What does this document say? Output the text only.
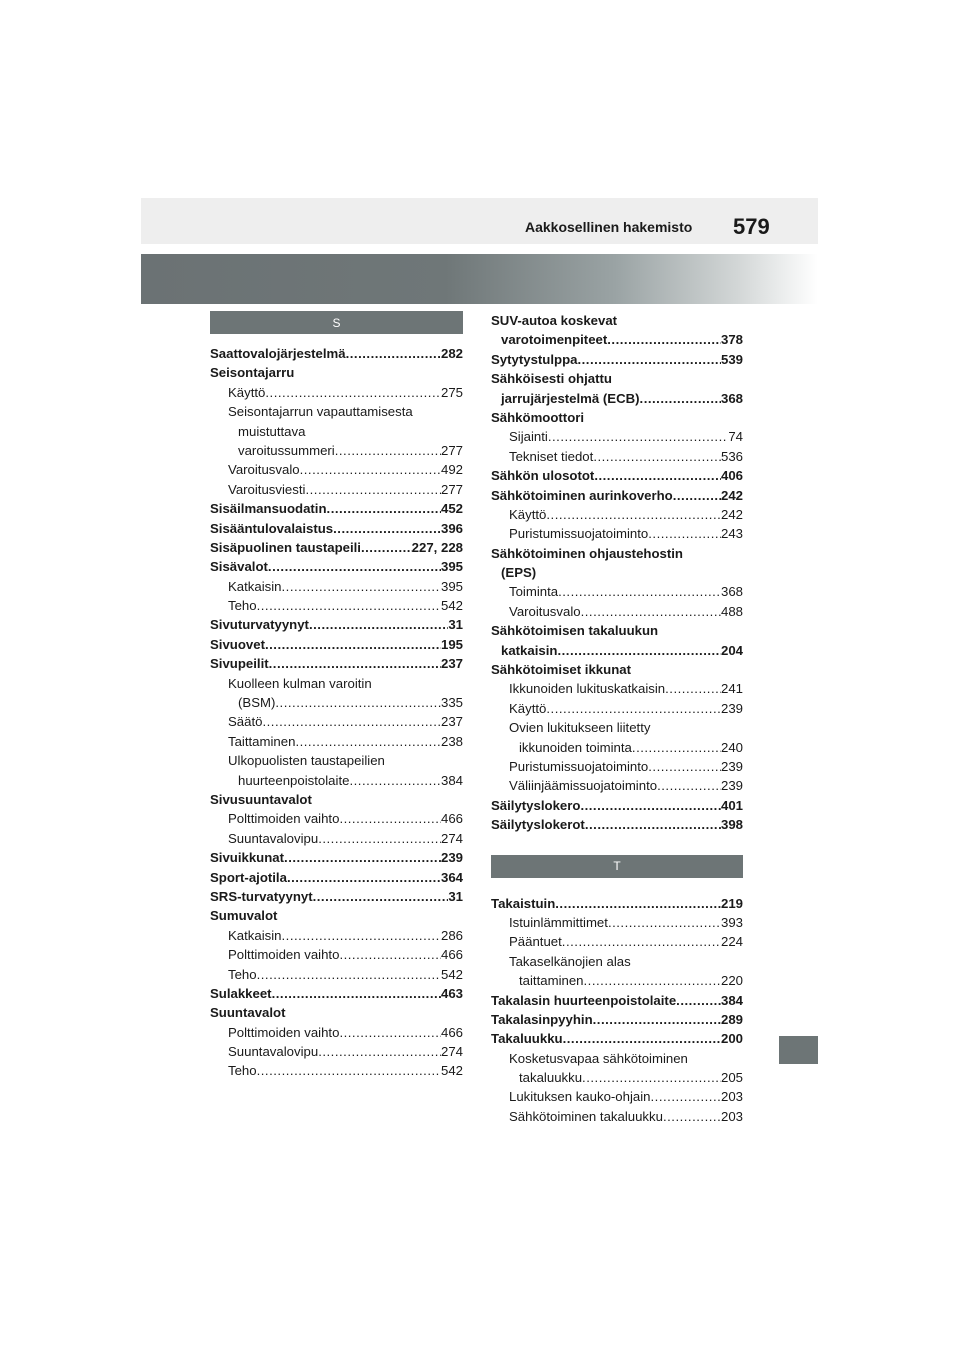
Aakkosellinen hakemisto 579
S
Saattovalojärjestelmä .....	282
Seisontajarru
Käyttö .....	275
Seisontajarrun vapauttamisesta
muistuttava
varoitussummeri .....	277
Varoitusvalo .....	492
Varoitusviesti .....	277
Sisäilmansuodatin .....	452
Sisääntulovalaistus .....	396
Sisäpuolinen taustapeili .....	227, 228
Sisävalot .....	395
Katkaisin .....	395
Teho .....	542
Sivuturvatyynyt .....	31
Sivuovet .....	195
Sivupeilit .....	237
Kuolleen kulman varoitin
(BSM) .....	335
Säätö .....	237
Taittaminen .....	238
Ulkopuolisten taustapeilien
huurteenpoistolaite .....	384
Sivusuuntavalot
Polttimoiden vaihto .....	466
Suuntavalovipu .....	274
Sivuikkunat .....	239
Sport-ajotila .....	364
SRS-turvatyynyt .....	31
Sumuvalot
Katkaisin .....	286
Polttimoiden vaihto .....	466
Teho .....	542
Sulakkeet .....	463
Suuntavalot
Polttimoiden vaihto .....	466
Suuntavalovipu .....	274
Teho .....	542
SUV-autoa koskevat
varotoimenpiteet .....	378
Sytytystulppa .....	539
Sähköisesti ohjattu
jarrujärjestelmä (ECB) .....	368
Sähkömoottori
Sijainti .....	74
Tekniset tiedot .....	536
Sähkön ulosotot .....	406
Sähkötoiminen aurinkoverho .....	242
Käyttö .....	242
Puristumissuojatoiminto .....	243
Sähkötoiminen ohjaustehostin
(EPS)
Toiminta .....	368
Varoitusvalo .....	488
Sähkötoimisen takaluukun
katkaisin .....	204
Sähkötoimiset ikkunat
Ikkunoiden lukituskatkaisin .....	241
Käyttö .....	239
Ovien lukitukseen liitetty
ikkunoiden toiminta .....	240
Puristumissuojatoiminto .....	239
Väliinjäämissuojatoiminto .....	239
Säilytyslokero .....	401
Säilytyslokerot .....	398
T
Takaistuin .....	219
Istuinlämmittimet .....	393
Pääntuet .....	224
Takaselkänojien alas
taittaminen .....	220
Takalasin huurteenpoistolaite .....	384
Takalasinpyyhin .....	289
Takaluukku .....	200
Kosketusvapaa sähkötoiminen
takaluukku .....	205
Lukituksen kauko-ohjain .....	203
Sähkötoiminen takaluukku .....	203
